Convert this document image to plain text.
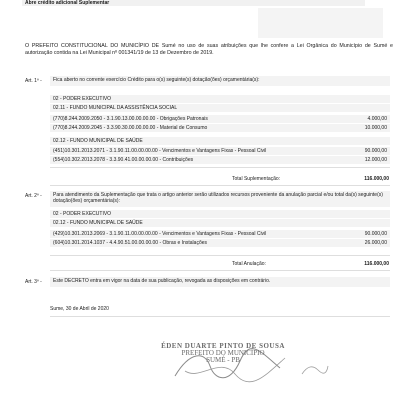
Abre crédito adicional Suplementar
O PREFEITO CONSTITUCIONAL DO MUNICÍPIO DE Sumé no uso de suas atribuições que lhe confere a Lei Orgânica do Município de Sumé e autorização contida na Lei Municipal nº 001341/19 de 13 de Dezembro de 2019.
Art. 1º -	Fica aberto no corrente exercício Crédito para o(s) seguinte(s) dotação(ões) orçamentária(s):
02 - PODER EXECUTIVO
02.11 - FUNDO MUNICIPAL DA ASSISTÊNCIA SOCIAL
(770)8.244.2009.2050 - 3.1.90.13.00.00.00.00 - Obrigações Patronais	4.000,00
(770)8.244.2009.2045 - 3.3.90.30.00.00.00.00 - Material de Consumo	10.000,00
02.12 - FUNDO MUNICIPAL DE SAÚDE
(451)10.301.2013.2071 - 3.1.90.11.00.00.00.00 - Vencimentos e Vantagens Fixas - Pessoal Civil	90.000,00
(554)10.302.2013.2078 - 3.3.90.41.00.00.00.00 - Contribuições	12.000,00
Total Suplementação:	116.000,00
Art. 2º -	Para atendimento da Suplementação que trata o artigo anterior serão utilizados recursos proveniente da anulação parcial e/ou total da(s) seguinte(s) dotação(ões) orçamentária(s):
02 - PODER EXECUTIVO
02.12 - FUNDO MUNICIPAL DE SAÚDE
(429)10.301.2013.2069 - 3.1.90.11.00.00.00.00 - Vencimentos e Vantagens Fixas - Pessoal Civil	90.000,00
(604)10.301.2014.1037 - 4.4.90.51.00.00.00.00 - Obras e Instalações	26.000,00
Total Anulação:	116.000,00
Art. 3º -	Este DECRETO entra em vigor na data de sua publicação, revogada as disposições em contrário.
Sume, 30 de Abril de 2020
ÉDEN DUARTE PINTO DE SOUSA
PREFEITO DO MUNICÍPIO
SUMÉ - PB
